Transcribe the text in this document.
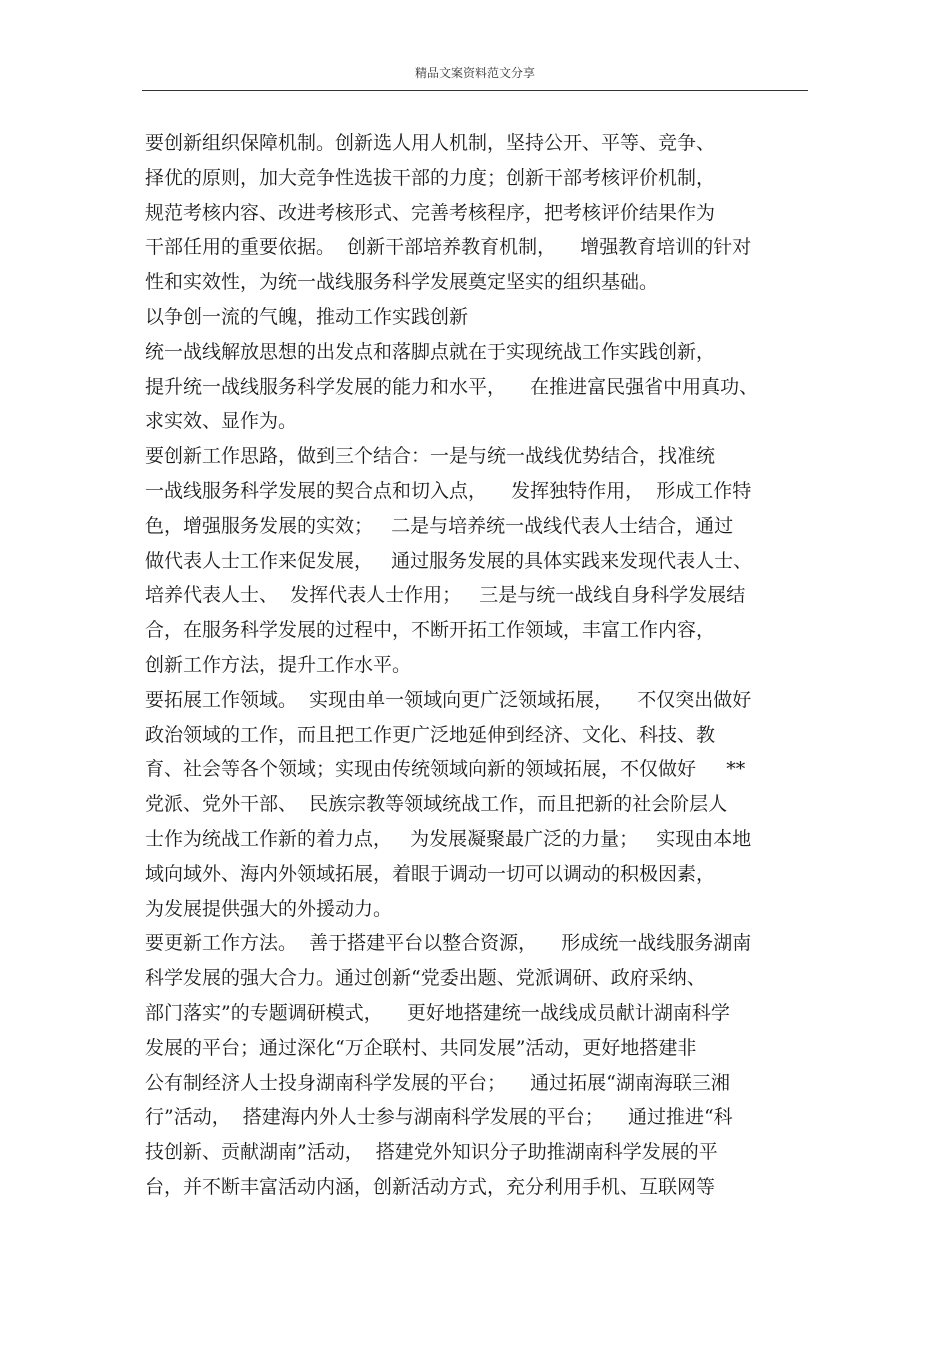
精品文案资料范文分享
要创新组织保障机制。创新选人用人机制，坚持公开、平等、竞争、
择优的原则，加大竞争性选拔干部的力度；创新干部考核评价机制，
规范考核内容、改进考核形式、完善考核程序，把考核评价结果作为
干部任用的重要依据。  创新干部培养教育机制，    增强教育培训的针对
性和实效性，为统一战线服务科学发展奠定坚实的组织基础。
以争创一流的气魄，推动工作实践创新
统一战线解放思想的出发点和落脚点就在于实现统战工作实践创新，
提升统一战线服务科学发展的能力和水平，    在推进富民强省中用真功、
求实效、显作为。
要创新工作思路，做到三个结合：一是与统一战线优势结合，找准统
一战线服务科学发展的契合点和切入点，    发挥独特作用，  形成工作特
色，增强服务发展的实效；   二是与培养统一战线代表人士结合，通过
做代表人士工作来促发展，   通过服务发展的具体实践来发现代表人士、
培养代表人士、  发挥代表人士作用；   三是与统一战线自身科学发展结
合，在服务科学发展的过程中，不断开拓工作领域，丰富工作内容，
创新工作方法，提升工作水平。
要拓展工作领域。  实现由单一领域向更广泛领域拓展，    不仅突出做好
政治领域的工作，而且把工作更广泛地延伸到经济、文化、科技、教
育、社会等各个领域；实现由传统领域向新的领域拓展，不仅做好     **
党派、党外干部、  民族宗教等领域统战工作，而且把新的社会阶层人
士作为统战工作新的着力点，   为发展凝聚最广泛的力量；   实现由本地
域向域外、海内外领域拓展，着眼于调动一切可以调动的积极因素，
为发展提供强大的外援动力。
要更新工作方法。  善于搭建平台以整合资源，    形成统一战线服务湖南
科学发展的强大合力。通过创新“党委出题、党派调研、政府采纳、
部门落实”的专题调研模式，    更好地搭建统一战线成员献计湖南科学
发展的平台；通过深化“万企联村、共同发展”活动，更好地搭建非
公有制经济人士投身湖南科学发展的平台；    通过拓展“湖南海联三湘
行”活动，  搭建海内外人士参与湖南科学发展的平台；    通过推进“科
技创新、贡献湖南”活动，  搭建党外知识分子助推湖南科学发展的平
台，并不断丰富活动内涵，创新活动方式，充分利用手机、互联网等
